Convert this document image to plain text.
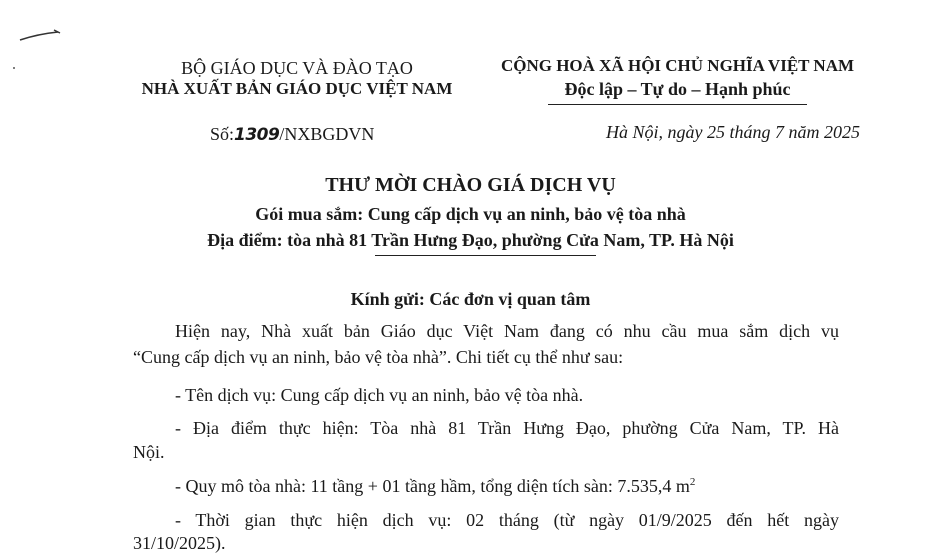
BỘ GIÁO DỤC VÀ ĐÀO TẠO
NHÀ XUẤT BẢN GIÁO DỤC VIỆT NAM
CỘNG HOÀ XÃ HỘI CHỦ NGHĨA VIỆT NAM
Độc lập – Tự do – Hạnh phúc
Số:1309/NXBGDVN	Hà Nội, ngày 25 tháng 7 năm 2025
THƯ MỜI CHÀO GIÁ DỊCH VỤ
Gói mua sắm: Cung cấp dịch vụ an ninh, bảo vệ tòa nhà
Địa điểm: tòa nhà 81 Trần Hưng Đạo, phường Cửa Nam, TP. Hà Nội
Kính gửi: Các đơn vị quan tâm
Hiện nay, Nhà xuất bản Giáo dục Việt Nam đang có nhu cầu mua sắm dịch vụ
“Cung cấp dịch vụ an ninh, bảo vệ tòa nhà”. Chi tiết cụ thể như sau:
- Tên dịch vụ: Cung cấp dịch vụ an ninh, bảo vệ tòa nhà.
- Địa điểm thực hiện: Tòa nhà 81 Trần Hưng Đạo, phường Cửa Nam, TP. Hà
Nội.
- Quy mô tòa nhà: 11 tầng + 01 tầng hầm, tổng diện tích sàn: 7.535,4 $m^2$
- Thời gian thực hiện dịch vụ: 02 tháng (từ ngày 01/9/2025 đến hết ngày
31/10/2025).
